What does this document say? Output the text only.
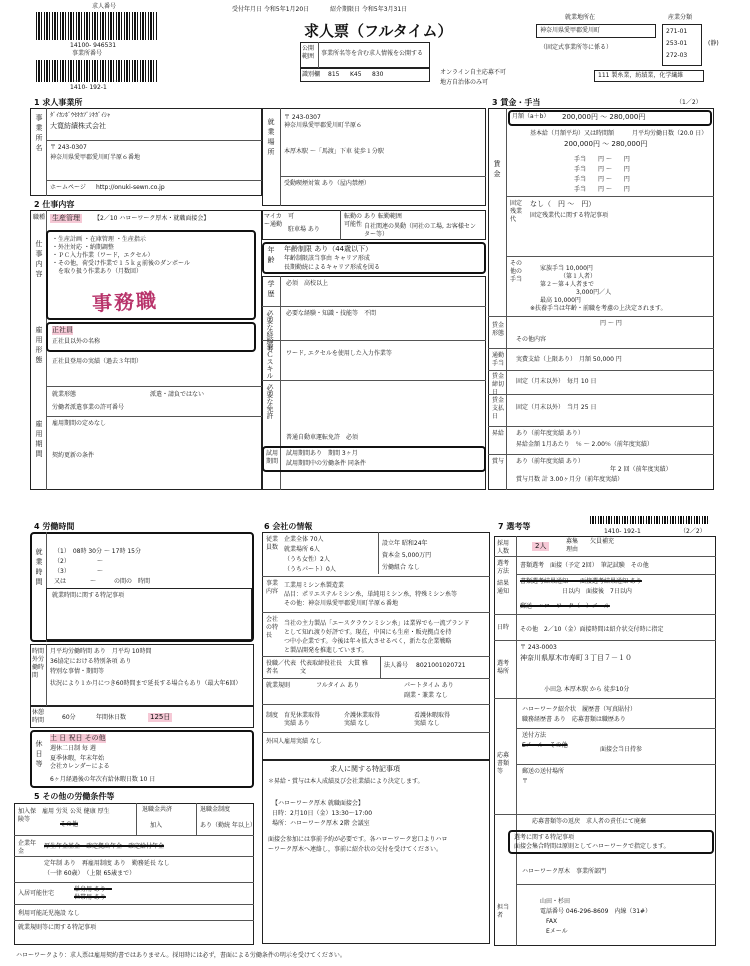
求人番号
14100- 946531
事業所番号
1410- 192-1
受付年月日 令和5年1月20日	紹介期限日 令和5年3月31日
求人票（フルタイム）
公開範囲	事業所名等を含む求人情報を公開する
識別欄 815 K45 830	オンライン自主応募不可
地方自治体のみ可
就業地所在
神奈川県愛甲郡愛川町
（固定式事業所等に係る）
産業分類
271-01
253-01
272-03
(静)
111 製糸業，紡績業，化学繊維
1 求人事業所
事業所名 ﾀﾞｲｶﾝﾎﾞｳｾｷｶﾌﾞｼｷｶﾞｲｼｬ
大寛紡績株式会社
〒 243-0307
神奈川県愛甲郡愛川町半原６番地
ホームページ http://onuki-sewn.co.jp
就業場所
〒 243-0307
神奈川県愛甲郡愛川町半原６
本厚木駅 ～「馬渡」下車 徒歩１分駅
受動喫煙対策 あり（屋内禁煙）
2 仕事内容
職種 生産管理	【2／10 ハローワーク厚木・就職面接会】
仕事内容
・生産計画 ・在庫管理 ・生産指示
・外注対応 ・納期調整
・ＰＣ入力作業（ワード，エクセル）
・その他，荷受け作業で１５ｋｇ前後のダンボール
　を取り扱う作業あり（月数回）
事務職
雇用形態 正社員
正社員以外の名称
正社員登用の実績（過去３年間）
就業形態	派遣・請負ではない
労働者派遣事業の許可番号
雇用期間 雇用期間の定めなし
契約更新の条件
マイカー通勤
可
駐車場 あり
転勤の可能性
あり 転勤範囲
自社関連の異動（同社の工場, お客様センター等）
年齢 年齢制限 あり（44歳以下）
年齢制限該当事由 キャリア形成
長期勤続によるキャリア形成を図る
学歴 必須　高校以上
必要な経験等 必要な経験・知識・技能等　不問
ＰＣスキル ワード, エクセルを使用した入力作業等
必要な免許
普通自動車運転免許　必須
試用期間
試用期間あり　期間 3ヶ月
試用期間中の労働条件 同条件
3 賃金・手当	（1／2）
月額（a＋b） 200,000円 ～ 280,000円
賃金
基本給（月額平均）又は時間額	月平均労働日数（20.0 日）
200,000円 ～ 280,000円
手当　　円 ～　　円
手当　　円 ～　　円
手当　　円 ～　　円
手当　　円 ～　　円
固定残業代
なし（　円 ～　円）
固定残業代に関する特記事項
その他の手当
家族手当 10,000円
（第１人者）
第２～第４人者まで
3,000円／人
最高 10,000円
※扶養手当は年齢・前職を考慮の上決定されます。
賃金形態
円 ～ 円
その他内容
通勤手当
実費支給（上限あり）　月額 50,000 円
賃金締切日
固定（月末以外）　毎月 10 日
賃金支払日
固定（月末以外）　当月 25 日
昇給	あり（前年度実績 あり）
昇給金額 1月あたり　％ ～ 2.00％（前年度実績）
賞与	あり（前年度実績 あり）
年 2 回（前年度実績）
賞与月数 計 3.00ヶ月分（前年度実績）
4 労働時間
就業時間 （1）　08時 30分 ～ 17時 15分
（2）　　　　　～
（3）　　　　　～
又は　　　　～　　　の間の　時間
就業時間に関する特記事項
時間外労働時間
月平均労働時間 あり　月平均 10時間
36協定における特別条項 あり
特別な事情・期間等
状況により１か月につき60時間まで延長する場合もあり（最大年6回）
休憩時間	60分	年間休日数	125日
休日等
土 日 祝日 その他
週休二日制 毎 週
夏季休暇，年末年始
会社カレンダーによる
6ヶ月経過後の年次有給休暇日数 10 日
5 その他の労働条件等
加入保険等
雇用 労災 公災 健康 厚生
その他
退職金共済
加入
退職金制度
あり（勤続 年以上）
企業年金
厚生年金基金　確定拠出年金　確定給付年金
定年制 あり　再雇用制度 あり　勤務延長 なし
（一律 60歳）　（上限 65歳まで）
入居可能住宅
単身用 あり　世帯用 あり
利用可能託児施設 なし
就業規則等に関する特記事項
6 会社の情報
従業員数
企業全体 70人
就業場所 6人
（うち女性）2人
（うちパート）0人
設立年 昭和24年
資本金 5,000万円
労働組合 なし
事業内容
工業用ミシン糸製造業
品目：ポリエステルミシン糸，単純用ミシン糸，特殊ミシン糸等
その他：神奈川県愛甲郡愛川町半原６番地
会社の特長
当社の主力製品「エースクラウンミシン糸」は業界でも一流ブランド
として知れ渡り好評です。現在，中国にも生産・販売拠点を持
つ中小企業です。今後は年々拡大させるべく，新たな企業戦略
と製品開発を推進しています。
役職／代表者名
代表取締役社長　大貫 雅文
法人番号 8021001020721
就業規則	フルタイム あり	パートタイム あり
副業・兼業 なし
制度 育児休業取得実績 あり
介護休業取得実績 なし
看護休暇取得実績 なし
外国人雇用実績 なし
求人に関する特記事項
＊昇給・賞与は本人成績及び会社業績により決定します。
【ハローワーク厚木 就職面接会】
日時：2月10日（金）13:30～17:00
場所：ハローワーク厚木 2階 会議室
面接会参加には事前予約が必要です。各ハローワーク窓口よりハロ
ーワーク厚木へ連絡し，事前に紹介状の交付を受けてください。
7 選考等
1410- 192-1	（2／2）
採用人数
2人
募集理由
欠員補充
選考方法
書類選考　面接（予定 2回）　筆記試験　その他
結果通知
書類選考結果通知　　面接選考結果通知 あり
　　　　　　　日以内　面接後　7日以内
郵送　ハローワーク（　）メール
日時	その他　2／10（金）面接時間は紹介状交付時に指定
選考場所
〒 243-0003
神奈川県厚木市寿町３丁目７－１０
小田急 本厚木駅 から 徒歩10分
応募書類等
ハローワーク紹介状　履歴書（写真貼付）
職務経歴書 あり　応募書類は職歴あり
送付方法
Eメール　その他
面接会当日持参
郵送の送付場所
〒
応募書類等の返戻　求人者の責任にて廃棄
選考に関する特記事項
面接会集合時間は原則としてハローワークで指定します。
担当者
ハローワーク厚木　事業所部門
山田・杉田
電話番号 046-296-8609　内線（31#）
FAX
Eメール
ハローワークより：求人票は雇用契約書ではありません。採用時には必ず，書面による労働条件の明示を受けてください。
